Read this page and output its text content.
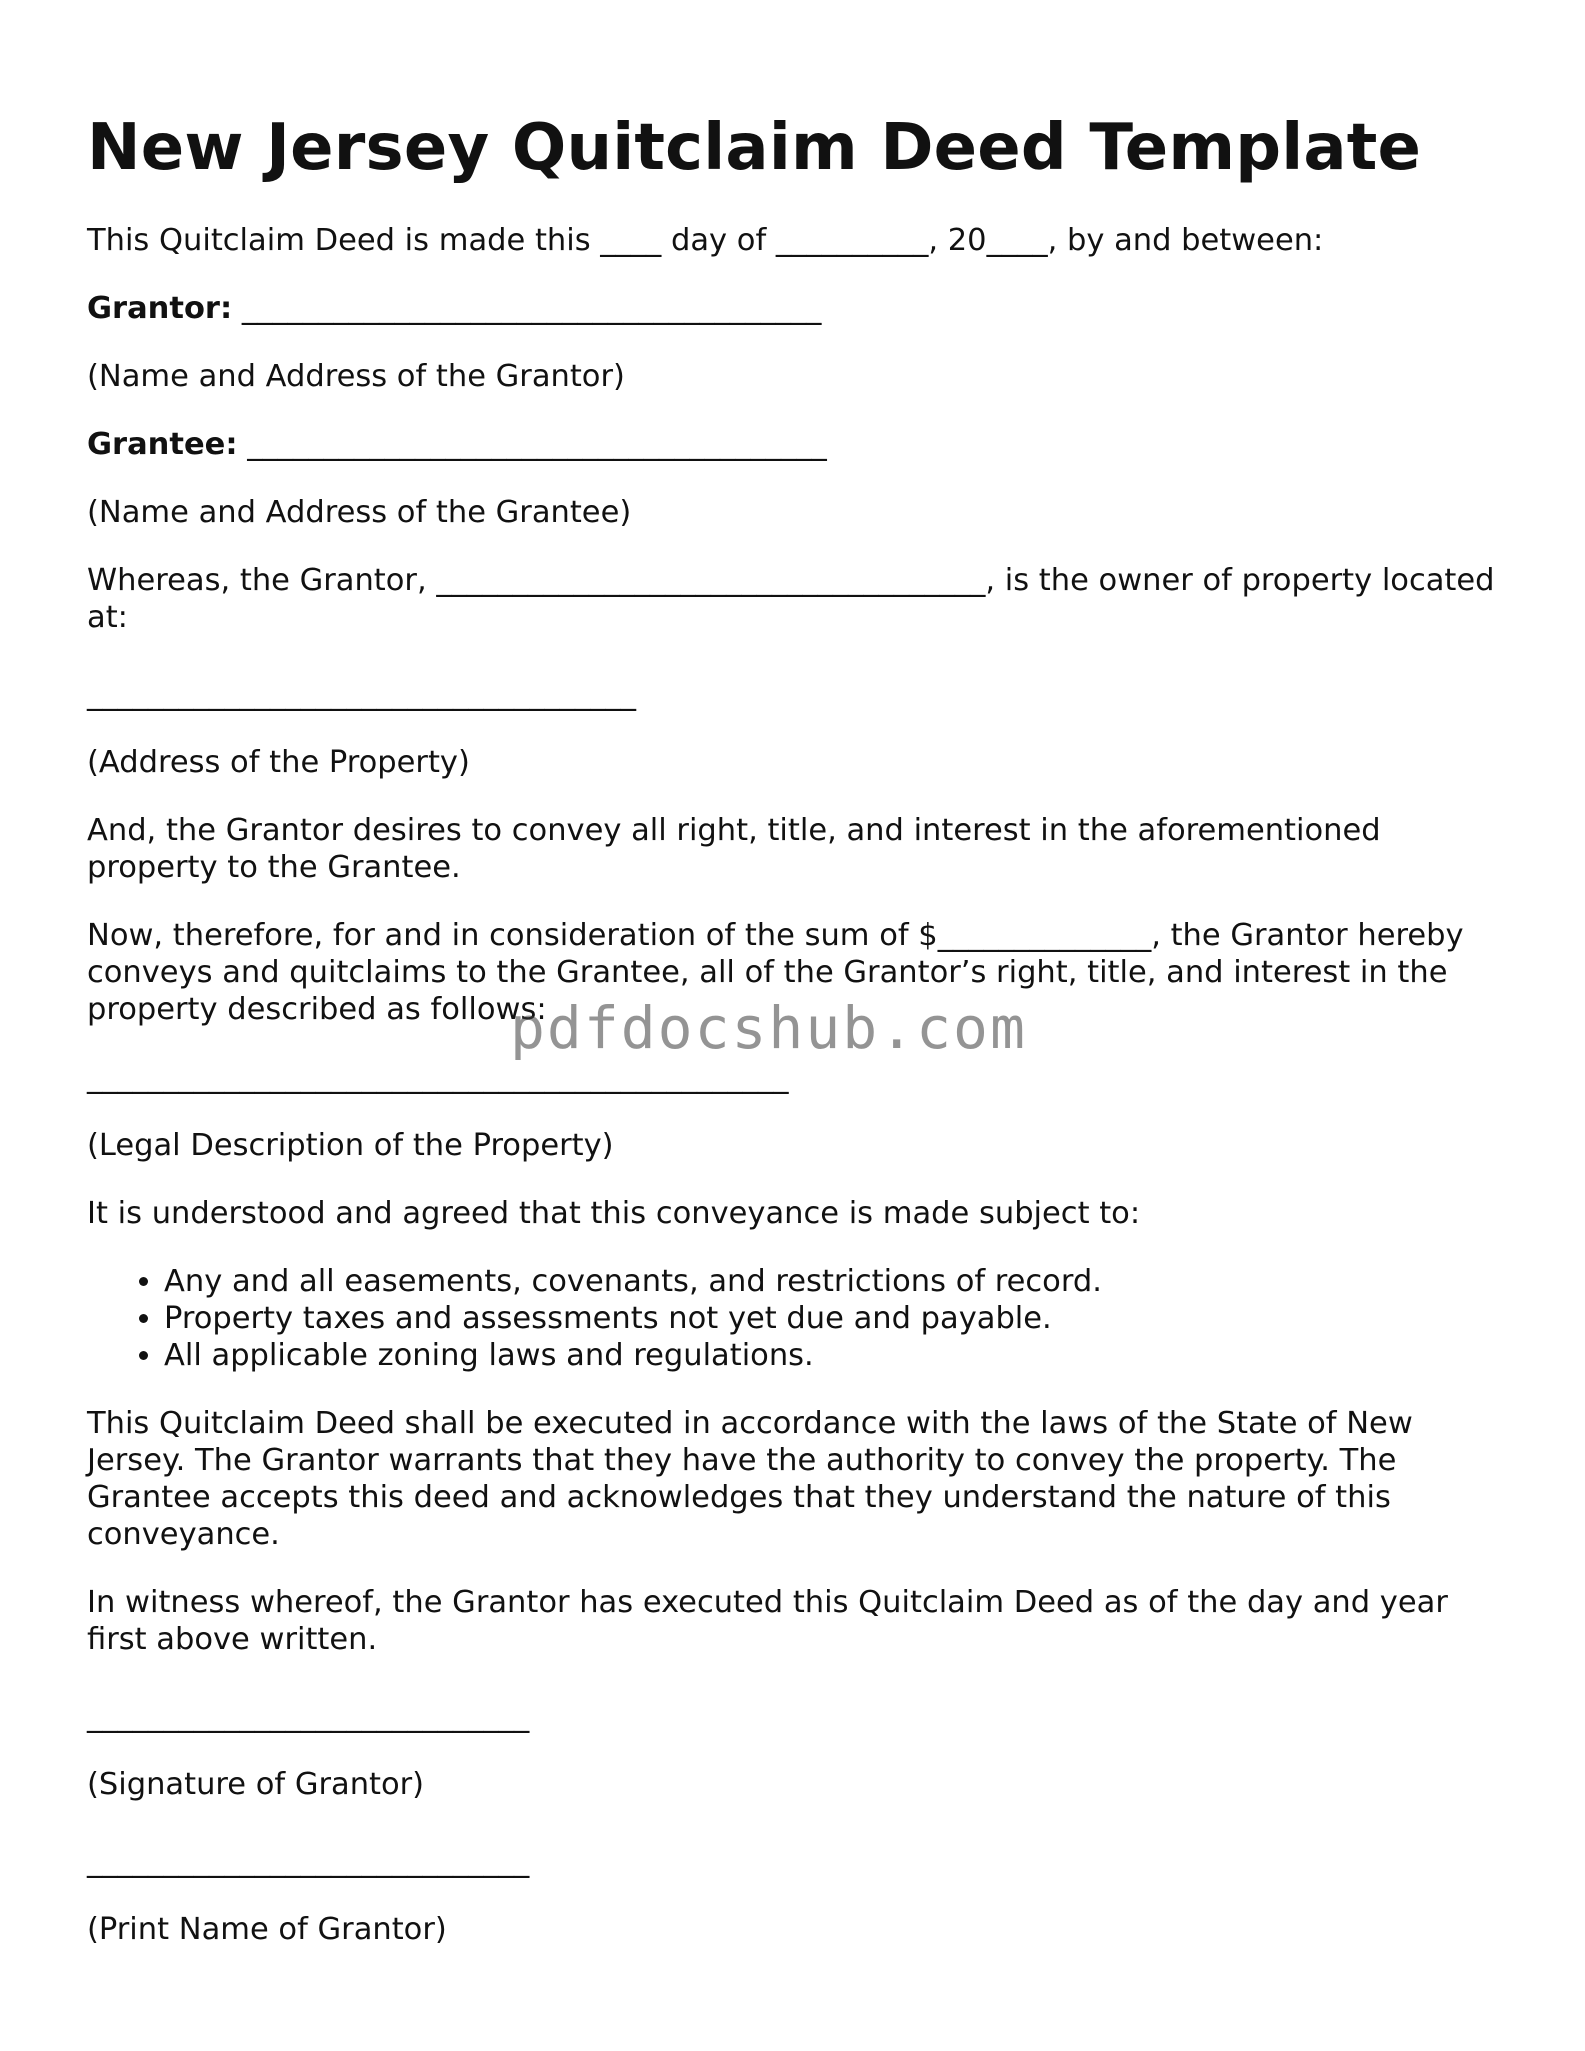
New Jersey Quitclaim Deed Template

This Quitclaim Deed is made this ____ day of __________, 20____, by and between:

Grantor: ______________________________________

(Name and Address of the Grantor)

Grantee: ______________________________________

(Name and Address of the Grantee)

Whereas, the Grantor, ____________________________________, is the owner of property located at:

____________________________________

(Address of the Property)

And, the Grantor desires to convey all right, title, and interest in the aforementioned property to the Grantee.

Now, therefore, for and in consideration of the sum of $______________, the Grantor hereby conveys and quitclaims to the Grantee, all of the Grantor’s right, title, and interest in the property described as follows:

______________________________________________

(Legal Description of the Property)

It is understood and agreed that this conveyance is made subject to:

• Any and all easements, covenants, and restrictions of record.
• Property taxes and assessments not yet due and payable.
• All applicable zoning laws and regulations.

This Quitclaim Deed shall be executed in accordance with the laws of the State of New Jersey. The Grantor warrants that they have the authority to convey the property. The Grantee accepts this deed and acknowledges that they understand the nature of this conveyance.

In witness whereof, the Grantor has executed this Quitclaim Deed as of the day and year first above written.

_____________________________

(Signature of Grantor)

_____________________________

(Print Name of Grantor)

pdfdocshub.com
